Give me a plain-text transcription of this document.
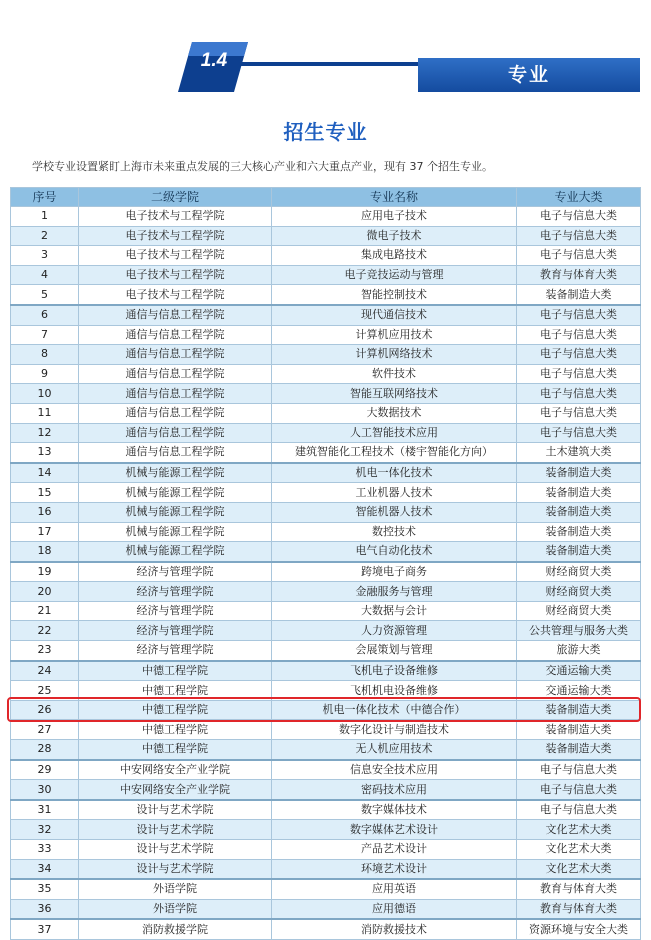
专业
1.4
招生专业
学校专业设置紧盯上海市未来重点发展的三大核心产业和六大重点产业，现有 37 个招生专业。
序号	二级学院	专业名称	专业大类
1	电子技术与工程学院	应用电子技术	电子与信息大类
2	电子技术与工程学院	微电子技术	电子与信息大类
3	电子技术与工程学院	集成电路技术	电子与信息大类
4	电子技术与工程学院	电子竞技运动与管理	教育与体育大类
5	电子技术与工程学院	智能控制技术	装备制造大类
6	通信与信息工程学院	现代通信技术	电子与信息大类
7	通信与信息工程学院	计算机应用技术	电子与信息大类
8	通信与信息工程学院	计算机网络技术	电子与信息大类
9	通信与信息工程学院	软件技术	电子与信息大类
10	通信与信息工程学院	智能互联网络技术	电子与信息大类
11	通信与信息工程学院	大数据技术	电子与信息大类
12	通信与信息工程学院	人工智能技术应用	电子与信息大类
13	通信与信息工程学院	建筑智能化工程技术（楼宇智能化方向）	土木建筑大类
14	机械与能源工程学院	机电一体化技术	装备制造大类
15	机械与能源工程学院	工业机器人技术	装备制造大类
16	机械与能源工程学院	智能机器人技术	装备制造大类
17	机械与能源工程学院	数控技术	装备制造大类
18	机械与能源工程学院	电气自动化技术	装备制造大类
19	经济与管理学院	跨境电子商务	财经商贸大类
20	经济与管理学院	金融服务与管理	财经商贸大类
21	经济与管理学院	大数据与会计	财经商贸大类
22	经济与管理学院	人力资源管理	公共管理与服务大类
23	经济与管理学院	会展策划与管理	旅游大类
24	中德工程学院	飞机电子设备维修	交通运输大类
25	中德工程学院	飞机机电设备维修	交通运输大类
26	中德工程学院	机电一体化技术（中德合作）	装备制造大类
27	中德工程学院	数字化设计与制造技术	装备制造大类
28	中德工程学院	无人机应用技术	装备制造大类
29	中安网络安全产业学院	信息安全技术应用	电子与信息大类
30	中安网络安全产业学院	密码技术应用	电子与信息大类
31	设计与艺术学院	数字媒体技术	电子与信息大类
32	设计与艺术学院	数字媒体艺术设计	文化艺术大类
33	设计与艺术学院	产品艺术设计	文化艺术大类
34	设计与艺术学院	环境艺术设计	文化艺术大类
35	外语学院	应用英语	教育与体育大类
36	外语学院	应用德语	教育与体育大类
37	消防救援学院	消防救援技术	资源环境与安全大类
